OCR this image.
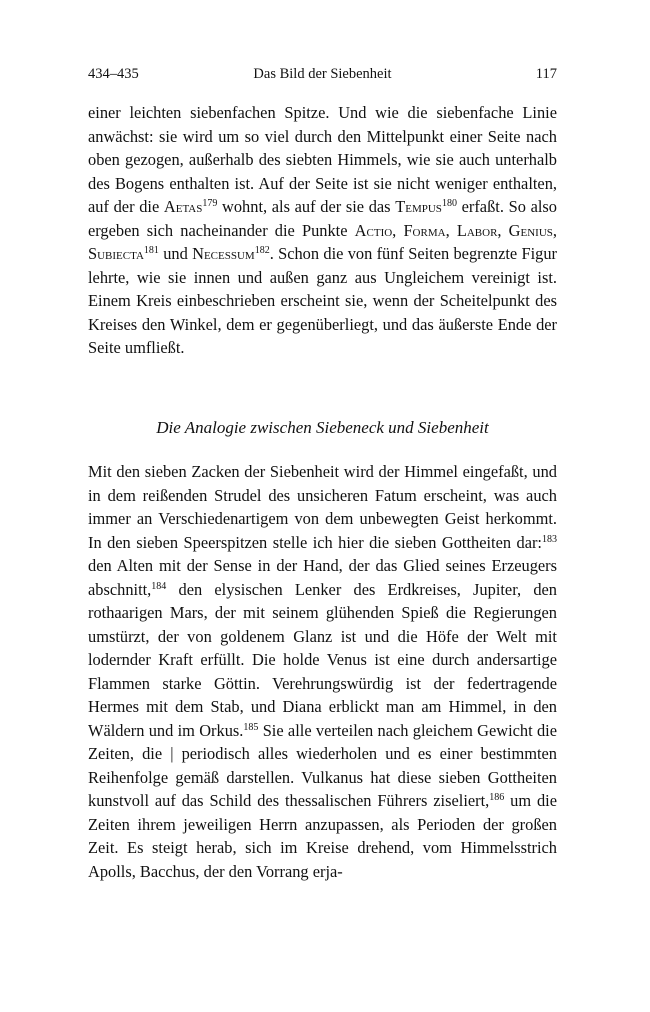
434–435	Das Bild der Siebenheit	117

einer leichten siebenfachen Spitze. Und wie die siebenfache Linie anwächst: sie wird um so viel durch den Mittelpunkt einer Seite nach oben gezogen, außerhalb des siebten Himmels, wie sie auch unterhalb des Bogens enthalten ist. Auf der Seite ist sie nicht weniger enthalten, auf der die Aetas$^{179}$ wohnt, als auf der sie das Tempus$^{180}$ erfaßt. So also ergeben sich nacheinander die Punkte Actio, Forma, Labor, Genius, Subiecta$^{181}$ und Necessum$^{182}$. Schon die von fünf Seiten begrenzte Figur lehrte, wie sie innen und außen ganz aus Ungleichem vereinigt ist. Einem Kreis einbeschrieben erscheint sie, wenn der Scheitelpunkt des Kreises den Winkel, dem er gegenüberliegt, und das äußerste Ende der Seite umfließt.

Die Analogie zwischen Siebeneck und Siebenheit

Mit den sieben Zacken der Siebenheit wird der Himmel eingefaßt, und in dem reißenden Strudel des unsicheren Fatum erscheint, was auch immer an Verschiedenartigem von dem unbewegten Geist herkommt. In den sieben Speerspitzen stelle ich hier die sieben Gottheiten dar:$^{183}$ den Alten mit der Sense in der Hand, der das Glied seines Erzeugers abschnitt,$^{184}$ den elysischen Lenker des Erdkreises, Jupiter, den rothaarigen Mars, der mit seinem glühenden Spieß die Regierungen umstürzt, der von goldenem Glanz ist und die Höfe der Welt mit lodernder Kraft erfüllt. Die holde Venus ist eine durch andersartige Flammen starke Göttin. Verehrungswürdig ist der federtragende Hermes mit dem Stab, und Diana erblickt man am Himmel, in den Wäldern und im Orkus.$^{185}$ Sie alle verteilen nach gleichem Gewicht die Zeiten, die | periodisch alles wiederholen und es einer bestimmten Reihenfolge gemäß darstellen. Vulkanus hat diese sieben Gottheiten kunstvoll auf das Schild des thessalischen Führers ziseliert,$^{186}$ um die Zeiten ihrem jeweiligen Herrn anzupassen, als Perioden der großen Zeit. Es steigt herab, sich im Kreise drehend, vom Himmelsstrich Apolls, Bacchus, der den Vorrang erja-
